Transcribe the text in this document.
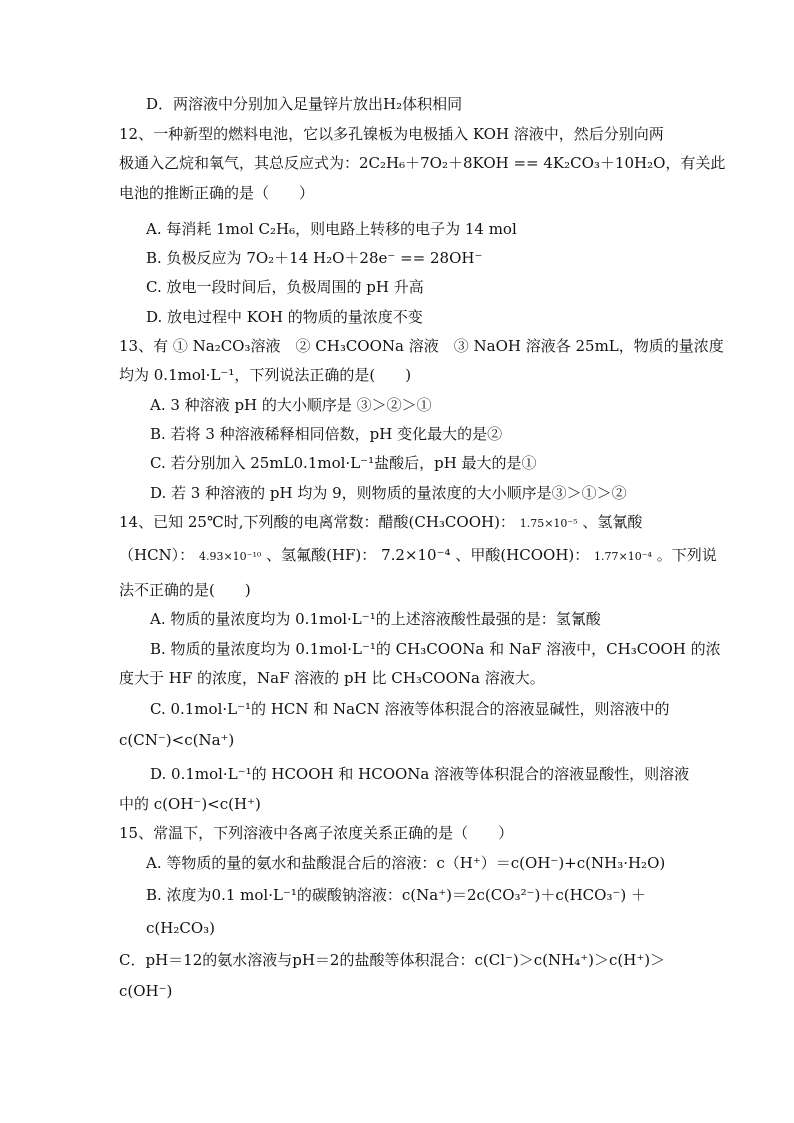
D．两溶液中分别加入足量锌片放出H₂体积相同
12、一种新型的燃料电池，它以多孔镍板为电极插入 KOH 溶液中，然后分别向两
极通入乙烷和氧气，其总反应式为：2C₂H₆＋7O₂＋8KOH == 4K₂CO₃＋10H₂O，有关此
电池的推断正确的是（　　）
A. 每消耗 1mol C₂H₆，则电路上转移的电子为 14 mol
B. 负极反应为 7O₂＋14 H₂O＋28e⁻ == 28OH⁻
C. 放电一段时间后，负极周围的 pH 升高
D. 放电过程中 KOH 的物质的量浓度不变
13、有 ① Na₂CO₃溶液　② CH₃COONa 溶液　③ NaOH 溶液各 25mL，物质的量浓度
均为 0.1mol·L⁻¹，下列说法正确的是(　　)
A. 3 种溶液 pH 的大小顺序是 ③＞②＞①
B. 若将 3 种溶液稀释相同倍数，pH 变化最大的是②
C. 若分别加入 25mL0.1mol·L⁻¹盐酸后，pH 最大的是①
D. 若 3 种溶液的 pH 均为 9，则物质的量浓度的大小顺序是③＞①＞②
14、已知 25℃时,下列酸的电离常数：醋酸(CH₃COOH)： 1.75×10⁻⁵ 、氢氰酸
（HCN）： 4.93×10⁻¹⁰ 、氢氟酸(HF)： 7.2×10⁻⁴ 、甲酸(HCOOH)： 1.77×10⁻⁴ 。下列说
法不正确的是(　　)
A. 物质的量浓度均为 0.1mol·L⁻¹的上述溶液酸性最强的是：氢氰酸
B. 物质的量浓度均为 0.1mol·L⁻¹的 CH₃COONa 和 NaF 溶液中，CH₃COOH 的浓
度大于 HF 的浓度，NaF 溶液的 pH 比 CH₃COONa 溶液大。
C. 0.1mol·L⁻¹的 HCN 和 NaCN 溶液等体积混合的溶液显碱性，则溶液中的
c(CN⁻)<c(Na⁺)
D. 0.1mol·L⁻¹的 HCOOH 和 HCOONa 溶液等体积混合的溶液显酸性，则溶液
中的 c(OH⁻)<c(H⁺)
15、常温下，下列溶液中各离子浓度关系正确的是（　　）
A. 等物质的量的氨水和盐酸混合后的溶液：c（H⁺）＝c(OH⁻)+c(NH₃·H₂O)
B. 浓度为0.1 mol·L⁻¹的碳酸钠溶液：c(Na⁺)＝2c(CO₃²⁻)＋c(HCO₃⁻) ＋
c(H₂CO₃)
C．pH＝12的氨水溶液与pH＝2的盐酸等体积混合：c(Cl⁻)＞c(NH₄⁺)＞c(H⁺)＞
c(OH⁻)
